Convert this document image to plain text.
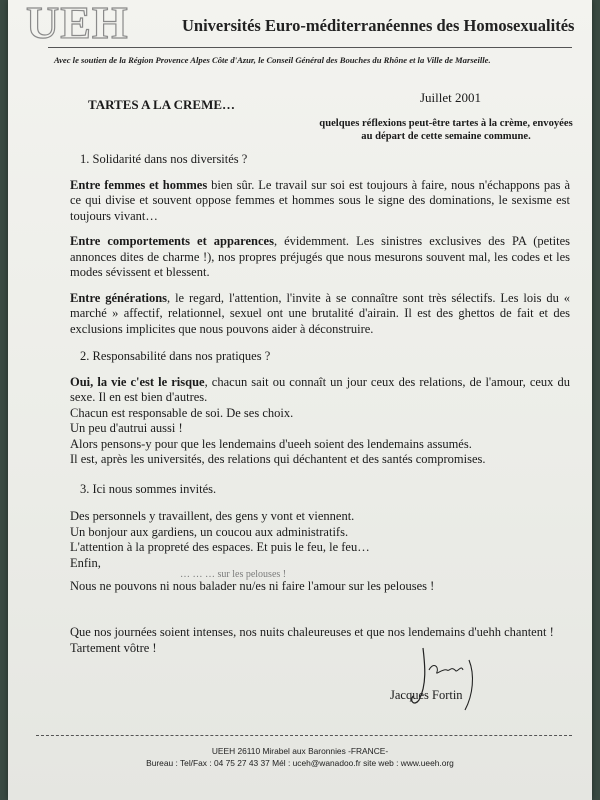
UEH	Universités Euro-méditerranéennes des Homosexualités
Avec le soutien de la Région Provence Alpes Côte d'Azur, le Conseil Général des Bouches du Rhône et la Ville de Marseille.
TARTES A LA CREME…	Juillet 2001
quelques réflexions peut-être tartes à la crème, envoyées au départ de cette semaine commune.

1. Solidarité dans nos diversités ?

Entre femmes et hommes bien sûr. Le travail sur soi est toujours à faire, nous n'échappons pas à ce qui divise et souvent oppose femmes et hommes sous le signe des dominations, le sexisme est toujours vivant…

Entre comportements et apparences, évidemment. Les sinistres exclusives des PA (petites annonces dites de charme !), nos propres préjugés que nous mesurons souvent mal, les codes et les modes sévissent et blessent.

Entre générations, le regard, l'attention, l'invite à se connaître sont très sélectifs. Les lois du « marché » affectif, relationnel, sexuel ont une brutalité d'airain. Il est des ghettos de fait et des exclusions implicites que nous pouvons aider à déconstruire.

2. Responsabilité dans nos pratiques ?

Oui, la vie c'est le risque, chacun sait ou connaît un jour ceux des relations, de l'amour, ceux du sexe. Il en est bien d'autres.

Chacun est responsable de soi. De ses choix.

Un peu d'autrui aussi !

Alors pensons-y pour que les lendemains d'ueeh soient des lendemains assumés.

Il est, après les universités, des relations qui déchantent et des santés compromises.

3. Ici nous sommes invités.

Des personnels y travaillent, des gens y vont et viennent.

Un bonjour aux gardiens, un coucou aux administratifs.

L'attention à la propreté des espaces. Et puis le feu, le feu…

Enfin,

… … … sur les pelouses !

Nous ne pouvons ni nous balader nu/es ni faire l'amour sur les pelouses !

Que nos journées soient intenses, nos nuits chaleureuses et que nos lendemains d'uehh chantent !

Tartement vôtre !

Jacques Fortin
UEEH 26110 Mirabel aux Baronnies -FRANCE-
Bureau : Tel/Fax : 04 75 27 43 37 Mél : uceh@wanadoo.fr site web : www.ueeh.org
